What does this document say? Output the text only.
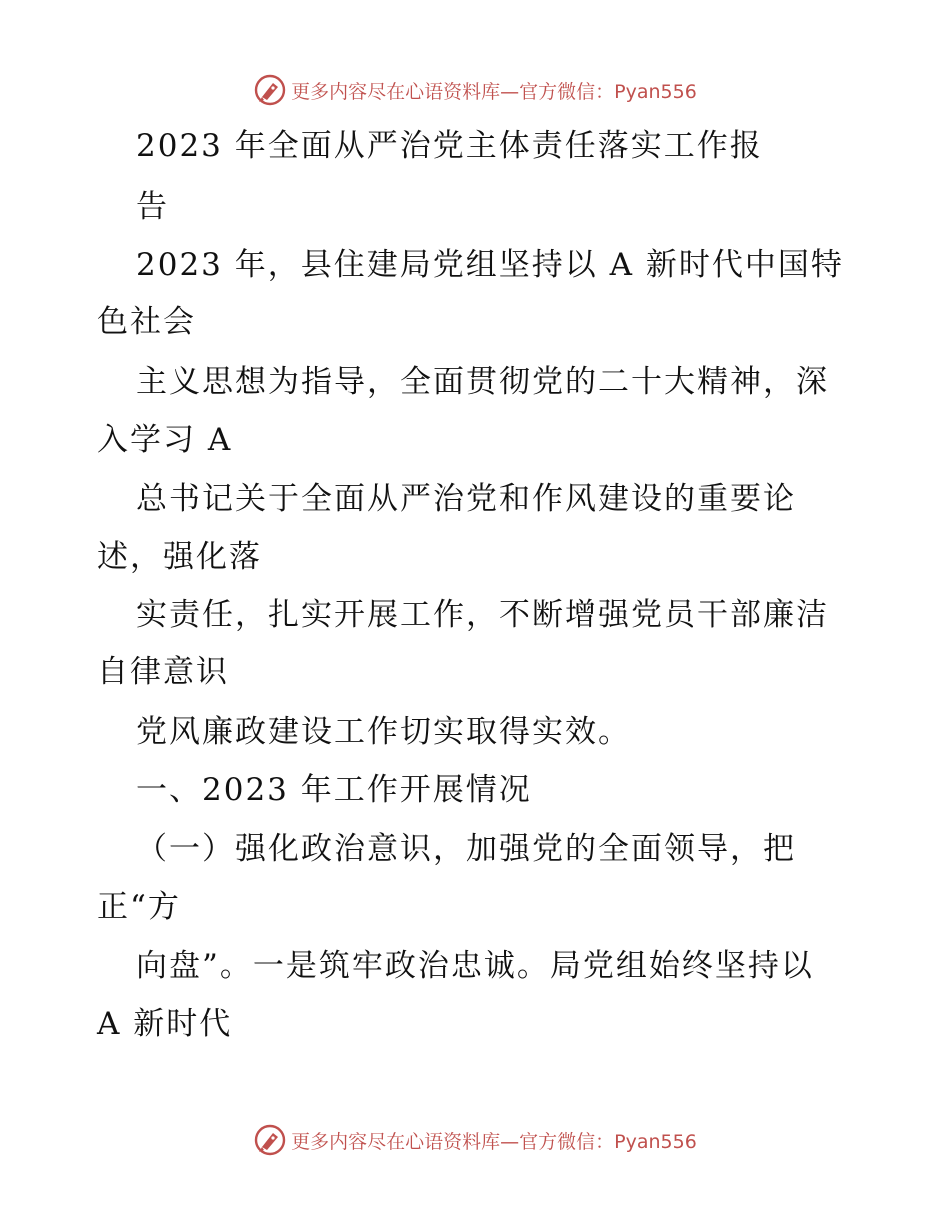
更多内容尽在心语资料库—官方微信：Pyan556
2023 年全面从严治党主体责任落实工作报
告
2023 年，县住建局党组坚持以 A 新时代中国特
色社会
主义思想为指导，全面贯彻党的二十大精神，深
入学习 A
总书记关于全面从严治党和作风建设的重要论
述，强化落
实责任，扎实开展工作，不断增强党员干部廉洁
自律意识
党风廉政建设工作切实取得实效。
一、2023 年工作开展情况
（一）强化政治意识，加强党的全面领导，把
正“方
向盘”。一是筑牢政治忠诚。局党组始终坚持以
A 新时代
更多内容尽在心语资料库—官方微信：Pyan556
